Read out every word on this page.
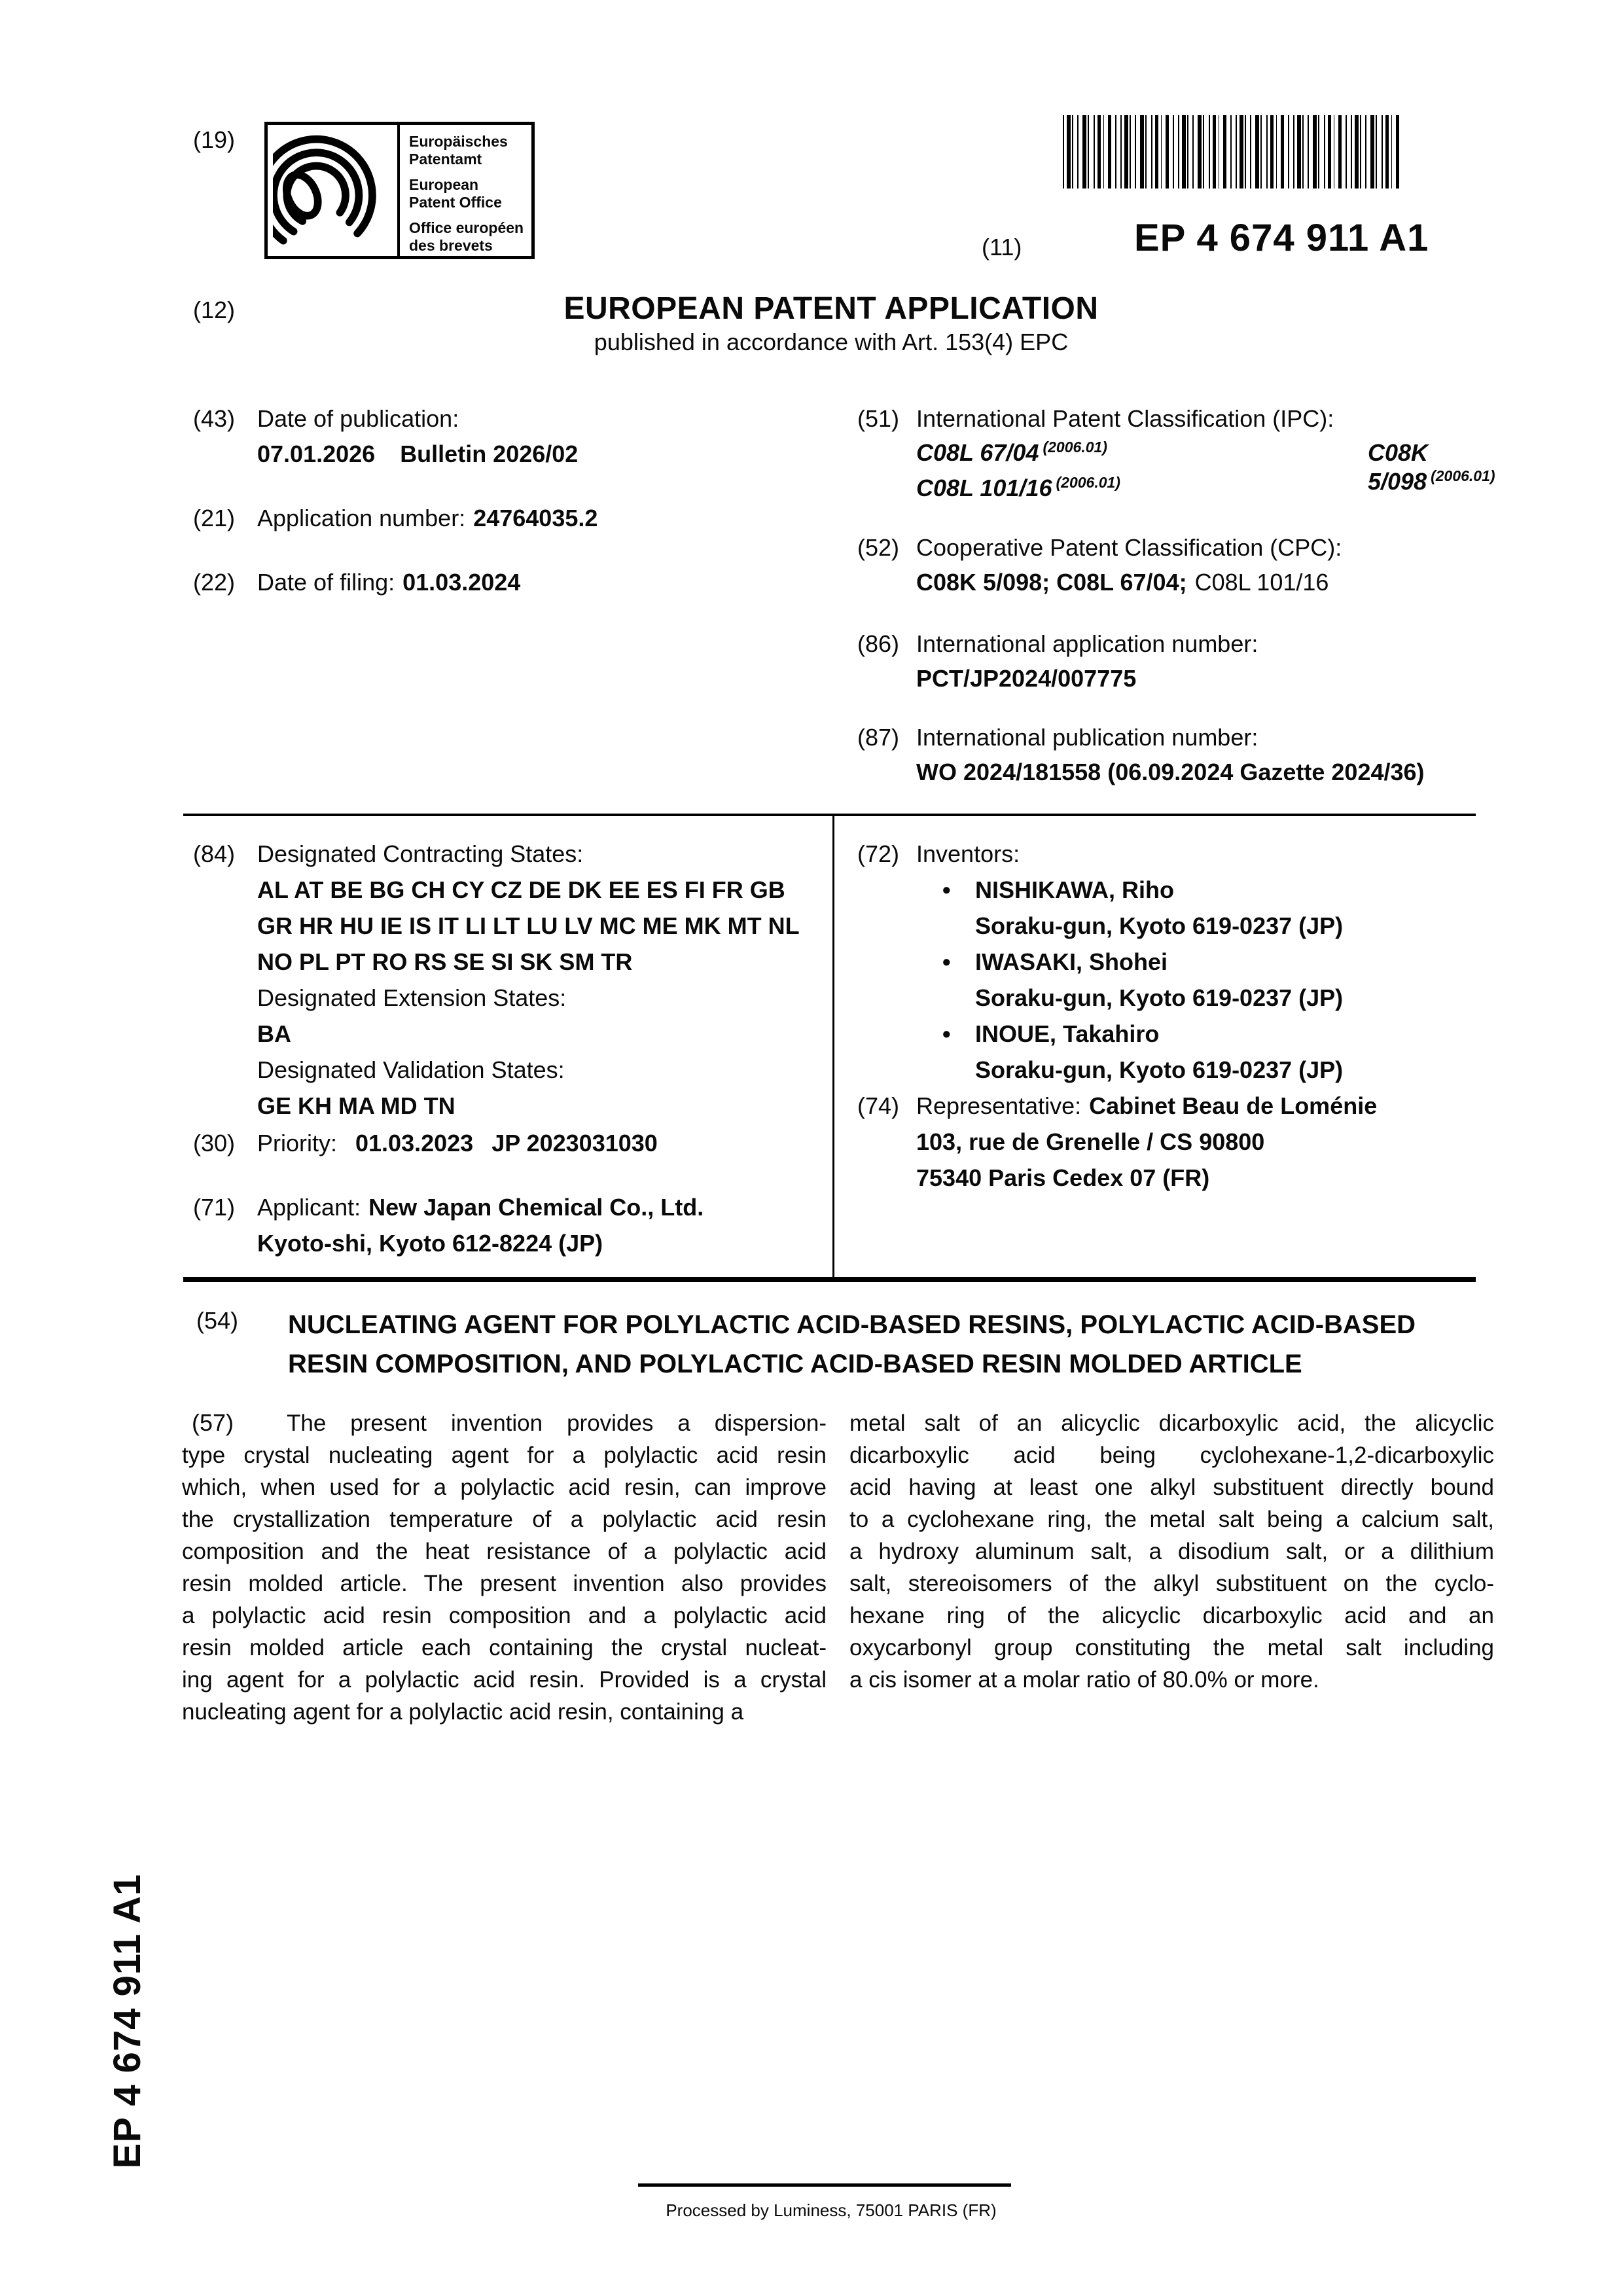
(19)	Europäisches
Patentamt
European
Patent Office
Office européen
des brevets	(11)	EP 4 674 911 A1
(12)	EUROPEAN PATENT APPLICATION
published in accordance with Art. 153(4) EPC
(43) Date of publication:
07.01.2026 Bulletin 2026/02
(21) Application number: 24764035.2
(22) Date of filing: 01.03.2024
(51) International Patent Classification (IPC):
C08L 67/04 $^{(2006.01)}$	C08K 5/098 $^{(2006.01)}$
C08L 101/16 $^{(2006.01)}$
(52) Cooperative Patent Classification (CPC):
C08K 5/098; C08L 67/04; C08L 101/16
(86) International application number:
PCT/JP2024/007775
(87) International publication number:
WO 2024/181558 (06.09.2024 Gazette 2024/36)
(84) Designated Contracting States:
AL AT BE BG CH CY CZ DE DK EE ES FI FR GB
GR HR HU IE IS IT LI LT LU LV MC ME MK MT NL
NO PL PT RO RS SE SI SK SM TR
Designated Extension States:
BA
Designated Validation States:
GE KH MA MD TN
(30) Priority: 01.03.2023 JP 2023031030
(71) Applicant: New Japan Chemical Co., Ltd.
Kyoto-shi, Kyoto 612-8224 (JP)
(72) Inventors:
• NISHIKAWA, Riho
Soraku-gun, Kyoto 619-0237 (JP)
• IWASAKI, Shohei
Soraku-gun, Kyoto 619-0237 (JP)
• INOUE, Takahiro
Soraku-gun, Kyoto 619-0237 (JP)
(74) Representative: Cabinet Beau de Loménie
103, rue de Grenelle / CS 90800
75340 Paris Cedex 07 (FR)
(54) NUCLEATING AGENT FOR POLYLACTIC ACID-BASED RESINS, POLYLACTIC ACID-BASED
RESIN COMPOSITION, AND POLYLACTIC ACID-BASED RESIN MOLDED ARTICLE
(57)	The present invention provides a dispersion-
type crystal nucleating agent for a polylactic acid resin
which, when used for a polylactic acid resin, can improve
the crystallization temperature of a polylactic acid resin
composition and the heat resistance of a polylactic acid
resin molded article. The present invention also provides
a polylactic acid resin composition and a polylactic acid
resin molded article each containing the crystal nucleat-
ing agent for a polylactic acid resin. Provided is a crystal
nucleating agent for a polylactic acid resin, containing a
metal salt of an alicyclic dicarboxylic acid, the alicyclic
dicarboxylic acid being cyclohexane-1,2-dicarboxylic
acid having at least one alkyl substituent directly bound
to a cyclohexane ring, the metal salt being a calcium salt,
a hydroxy aluminum salt, a disodium salt, or a dilithium
salt, stereoisomers of the alkyl substituent on the cyclo-
hexane ring of the alicyclic dicarboxylic acid and an
oxycarbonyl group constituting the metal salt including
a cis isomer at a molar ratio of 80.0% or more.
EP 4 674 911 A1
Processed by Luminess, 75001 PARIS (FR)
